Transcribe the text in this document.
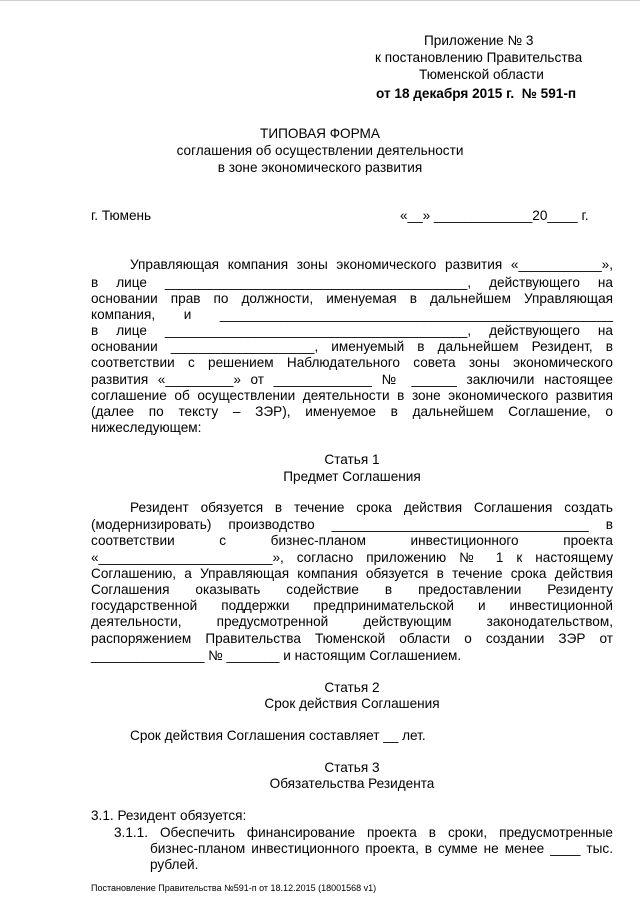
Приложение № 3
к постановлению Правительства
Тюменской области
от 18 декабря 2015 г.  № 591-п
ТИПОВАЯ ФОРМА
соглашения об осуществлении деятельности
в зоне экономического развития
г. Тюмень	«__» _____________20____ г.
Управляющая компания зоны экономического развития «___________»,
в лице ________________________________________, действующего на
основании прав по должности, именуемая в дальнейшем Управляющая
компания, и ____________________________________________________
в лице ________________________________________, действующего на
основании ___________________, именуемый в дальнейшем Резидент, в
соответствии с решением Наблюдательного совета зоны экономического
развития «_________» от _____________ № ______ заключили настоящее
соглашение об осуществлении деятельности в зоне экономического развития
(далее по тексту – ЗЭР), именуемое в дальнейшем Соглашение, о
нижеследующем:
Статья 1
Предмет Соглашения
Резидент обязуется в течение срока действия Соглашения создать
(модернизировать) производство __________________________________ в
соответствии с бизнес-планом инвестиционного проекта
«_______________________», согласно приложению № 1 к настоящему
Соглашению, а Управляющая компания обязуется в течение срока действия
Соглашения оказывать содействие в предоставлении Резиденту
государственной поддержки предпринимательской и инвестиционной
деятельности, предусмотренной действующим законодательством,
распоряжением Правительства Тюменской области о создании ЗЭР от
_______________ № _______ и настоящим Соглашением.
Статья 2
Срок действия Соглашения
Срок действия Соглашения составляет __ лет.
Статья 3
Обязательства Резидента
3.1. Резидент обязуется:
3.1.1. Обеспечить финансирование проекта в сроки, предусмотренные
бизнес-планом инвестиционного проекта, в сумме не менее ____ тыс.
рублей.
Постановление Правительства №591-п от 18.12.2015 (18001568 v1)
